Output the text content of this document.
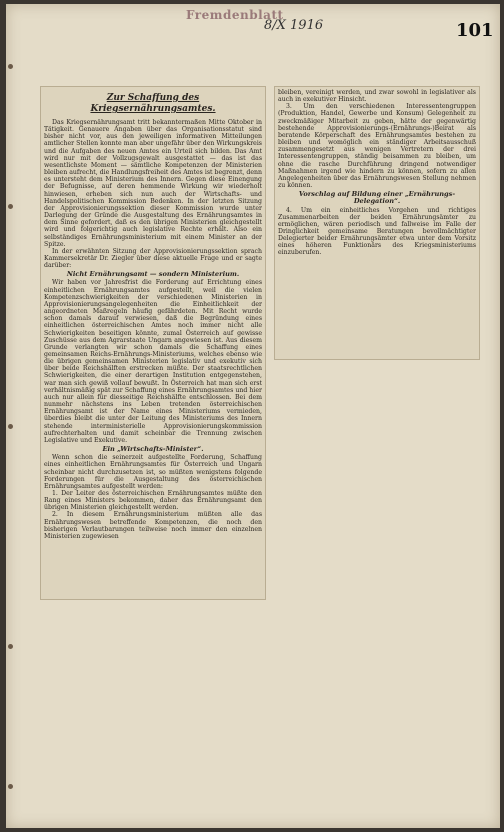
Fremdenblatt
8/X 1916	101
Zur Schaffung des Kriegsernährungsamtes.

Das Kriegsernährungsamt tritt bekanntermaßen Mitte Oktober in Tätigkeit. Genauere Angaben über das Organisationsstatut sind bisher nicht vor, aus den jeweiligen informativen Mitteilungen amtlicher Stellen konnte man aber ungefähr über den Wirkungskreis und die Aufgaben des neuen Amtes ein Urteil sich bilden. Das Amt wird nur mit der Vollzugsgewalt ausgestattet — das ist das wesentlichste Moment — sämtliche Kompetenzen der Ministerien bleiben aufrecht, die Handlungsfreiheit des Amtes ist begrenzt, denn es untersteht dem Ministerium des Innern. Gegen diese Einengung der Befugnisse, auf deren hemmende Wirkung wir wiederholt hinwiesen, erheben sich nun auch der Wirtschafts- und Handelspolitischen Kommission Bedenken. In der letzten Sitzung der Approvisionierungssektion dieser Kommission wurde unter Darlegung der Gründe die Ausgestaltung des Ernährungsamtes in dem Sinne gefordert, daß es den übrigen Ministerien gleichgestellt wird und folgerichtig auch legislative Rechte erhält. Also ein selbständiges Ernährungsministerium mit einem Minister an der Spitze.

In der erwähnten Sitzung der Approvisionierungssektion sprach Kammersekretär Dr. Ziegler über diese aktuelle Frage und er sagte darüber:

Nicht Ernährungsamt — sondern Ministerium.

Wir haben vor Jahresfrist die Forderung auf Errichtung eines einheitlichen Ernährungsamtes aufgestellt, weil die vielen Kompetenzschwierigkeiten der verschiedenen Ministerien in Approvisionierungsangelegenheiten die Einheitlichkeit der angeordneten Maßregeln häufig gefährdeten. Mit Recht wurde schon damals darauf verwiesen, daß die Begründung eines einheitlichen österreichischen Amtes noch immer nicht alle Schwierigkeiten beseitigen könnte, zumal Österreich auf gewisse Zuschüsse aus dem Agrarstaate Ungarn angewiesen ist. Aus diesem Grunde verlangten wir schon damals die Schaffung eines gemeinsamen Reichs-Ernährungs-Ministeriums, welches ebenso wie die übrigen gemeinsamen Ministerien legislativ und exekutiv sich über beide Reichshälften erstrecken müßte. Der staatsrechtlichen Schwierigkeiten, die einer derartigen Institution entgegenstehen, war man sich gewiß vollauf bewußt. In Österreich hat man sich erst verhältnismäßig spät zur Schaffung eines Ernährungsamtes und hier auch nur allein für diesseitige Reichshälfte entschlossen. Bei dem nunmehr nächstens ins Leben tretenden österreichischen Ernährungsamt ist der Name eines Ministeriums vermieden, überdies bleibt die unter der Leitung des Ministeriums des Innern stehende interministerielle Approvisionierungskommission aufrechterhalten und damit scheinbar die Trennung zwischen Legislative und Exekutive.

Ein „Wirtschafts-Minister“.

Wenn schon die seinerzeit aufgestellte Forderung, Schaffung eines einheitlichen Ernährungsamtes für Österreich und Ungarn scheinbar nicht durchzusetzen ist, so müßten wenigstens folgende Forderungen für die Ausgestaltung des österreichischen Ernährungsamtes aufgestellt werden:

1. Der Leiter des österreichischen Ernährungsamtes müßte den Rang eines Ministers bekommen, daher das Ernährungsamt den übrigen Ministerien gleichgestellt werden.

2. In diesem Ernährungsministerium müßten alle das Ernährungswesen betreffende Kompetenzen, die noch den bisherigen Verlautbarungen teilweise noch immer den einzelnen Ministerien zugewiesen

bleiben, vereinigt werden, und zwar sowohl in legislativer als auch in exekutiver Hinsicht.

3. Um den verschiedenen Interessentengruppen (Produktion, Handel, Gewerbe und Konsum) Gelegenheit zu zweckmäßiger Mitarbeit zu geben, hätte der gegenwärtig bestehende Approvisionierungs-(Ernährungs-)Beirat als beratende Körperschaft des Ernährungsamtes bestehen zu bleiben und womöglich ein ständiger Arbeitsausschuß zusammengesetzt aus wenigen Vertretern der drei Interessentengruppen, ständig beisammen zu bleiben, um ohne die rasche Durchführung dringend notwendiger Maßnahmen irgend wie hindern zu können, sofern zu allen Angelegenheiten über das Ernährungswesen Stellung nehmen zu können.

Vorschlag auf Bildung einer „Ernährungs-Delegation“.

4. Um ein einheitliches Vorgehen und richtiges Zusammenarbeiten der beiden Ernährungsämter zu ermöglichen, wären periodisch und fallweise im Falle der Dringlichkeit gemeinsame Beratungen bevollmächtigter Delegierter beider Ernährungsämter etwa unter dem Vorsitz eines höheren Funktionärs des Kriegsministeriums einzuberufen.
